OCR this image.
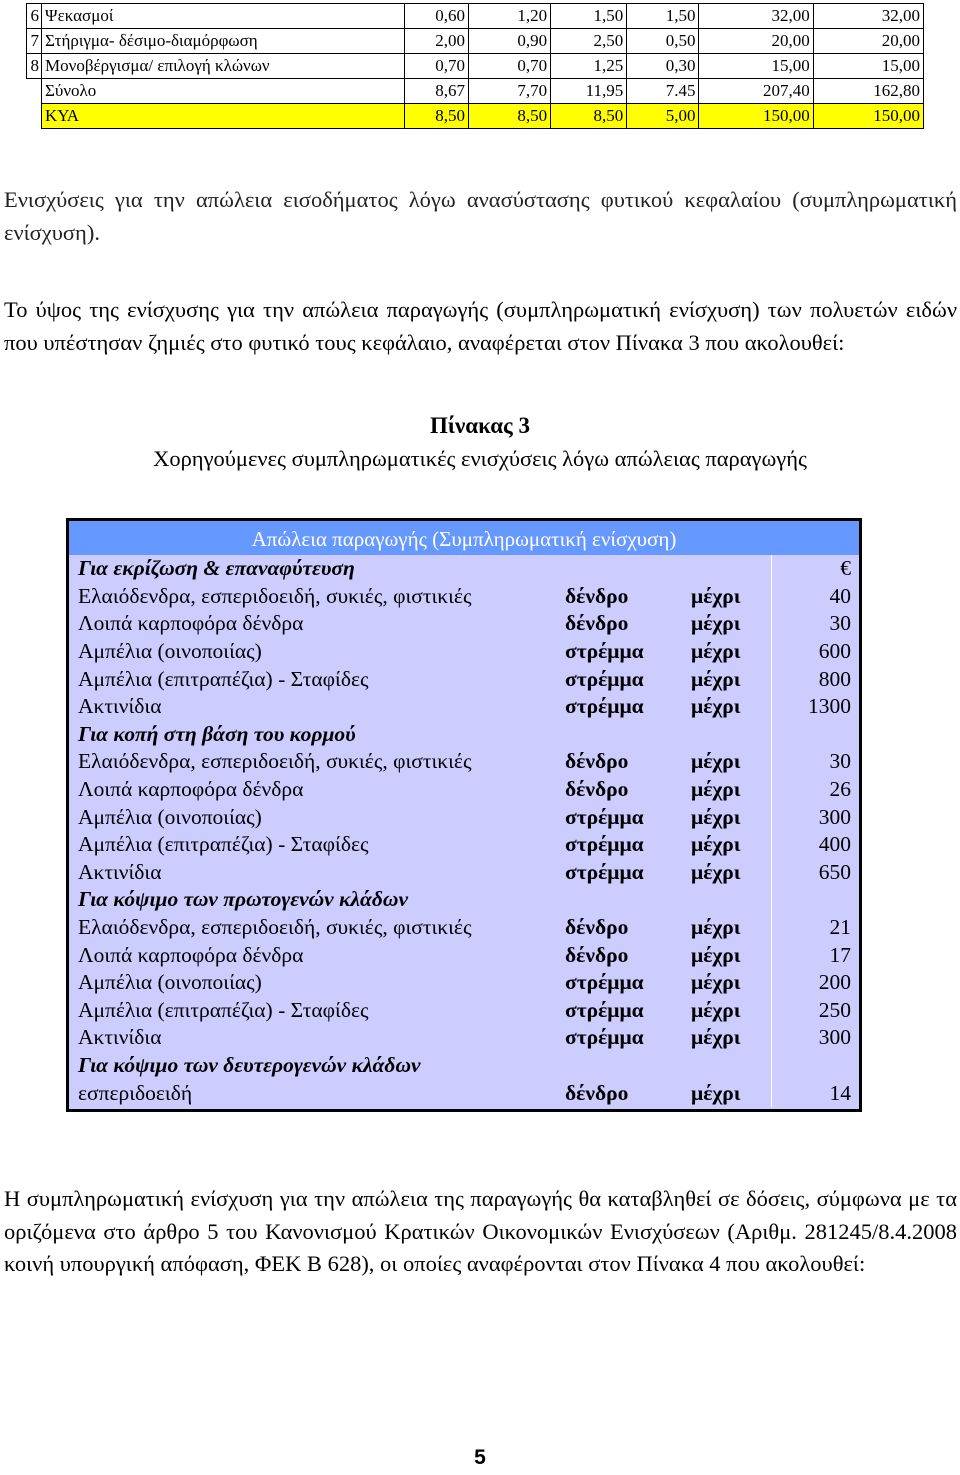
6	Ψεκασμοί	0,60	1,20	1,50	1,50	32,00	32,00
7	Στήριγμα- δέσιμο-διαμόρφωση	2,00	0,90	2,50	0,50	20,00	20,00
8	Μονοβέργισμα/ επιλογή κλώνων	0,70	0,70	1,25	0,30	15,00	15,00
	Σύνολο	8,67	7,70	11,95	7.45	207,40	162,80
	ΚΥΑ	8,50	8,50	8,50	5,00	150,00	150,00

Ενισχύσεις για την απώλεια εισοδήματος λόγω ανασύστασης φυτικού κεφαλαίου (συμπληρωματική ενίσχυση).

Το ύψος της ενίσχυσης για την απώλεια παραγωγής (συμπληρωματική ενίσχυση) των πολυετών ειδών που υπέστησαν ζημιές στο φυτικό τους κεφάλαιο, αναφέρεται στον Πίνακα 3 που ακολουθεί:

Πίνακας 3

Χορηγούμενες συμπληρωματικές ενισχύσεις λόγω απώλειας παραγωγής

Απώλεια παραγωγής (Συμπληρωματική ενίσχυση)
Για εκρίζωση & επαναφύτευση			€
Ελαιόδενδρα, εσπεριδοειδή, συκιές, φιστικιές	δένδρο	μέχρι	40
Λοιπά καρποφόρα δένδρα	δένδρο	μέχρι	30
Αμπέλια (οινοποιίας)	στρέμμα	μέχρι	600
Αμπέλια (επιτραπέζια) - Σταφίδες	στρέμμα	μέχρι	800
Ακτινίδια	στρέμμα	μέχρι	1300
Για κοπή στη βάση του κορμού			
Ελαιόδενδρα, εσπεριδοειδή, συκιές, φιστικιές	δένδρο	μέχρι	30
Λοιπά καρποφόρα δένδρα	δένδρο	μέχρι	26
Αμπέλια (οινοποιίας)	στρέμμα	μέχρι	300
Αμπέλια (επιτραπέζια) - Σταφίδες	στρέμμα	μέχρι	400
Ακτινίδια	στρέμμα	μέχρι	650
Για κόψιμο των πρωτογενών κλάδων			
Ελαιόδενδρα, εσπεριδοειδή, συκιές, φιστικιές	δένδρο	μέχρι	21
Λοιπά καρποφόρα δένδρα	δένδρο	μέχρι	17
Αμπέλια (οινοποιίας)	στρέμμα	μέχρι	200
Αμπέλια (επιτραπέζια) - Σταφίδες	στρέμμα	μέχρι	250
Ακτινίδια	στρέμμα	μέχρι	300
Για κόψιμο των δευτερογενών κλάδων			
εσπεριδοειδή	δένδρο	μέχρι	14

Η συμπληρωματική ενίσχυση για την απώλεια της παραγωγής θα καταβληθεί σε δόσεις, σύμφωνα με τα οριζόμενα στο άρθρο 5 του Κανονισμού Κρατικών Οικονομικών Ενισχύσεων (Αριθμ. 281245/8.4.2008 κοινή υπουργική απόφαση, ΦΕΚ Β 628), οι οποίες αναφέρονται στον Πίνακα 4 που ακολουθεί:

5
